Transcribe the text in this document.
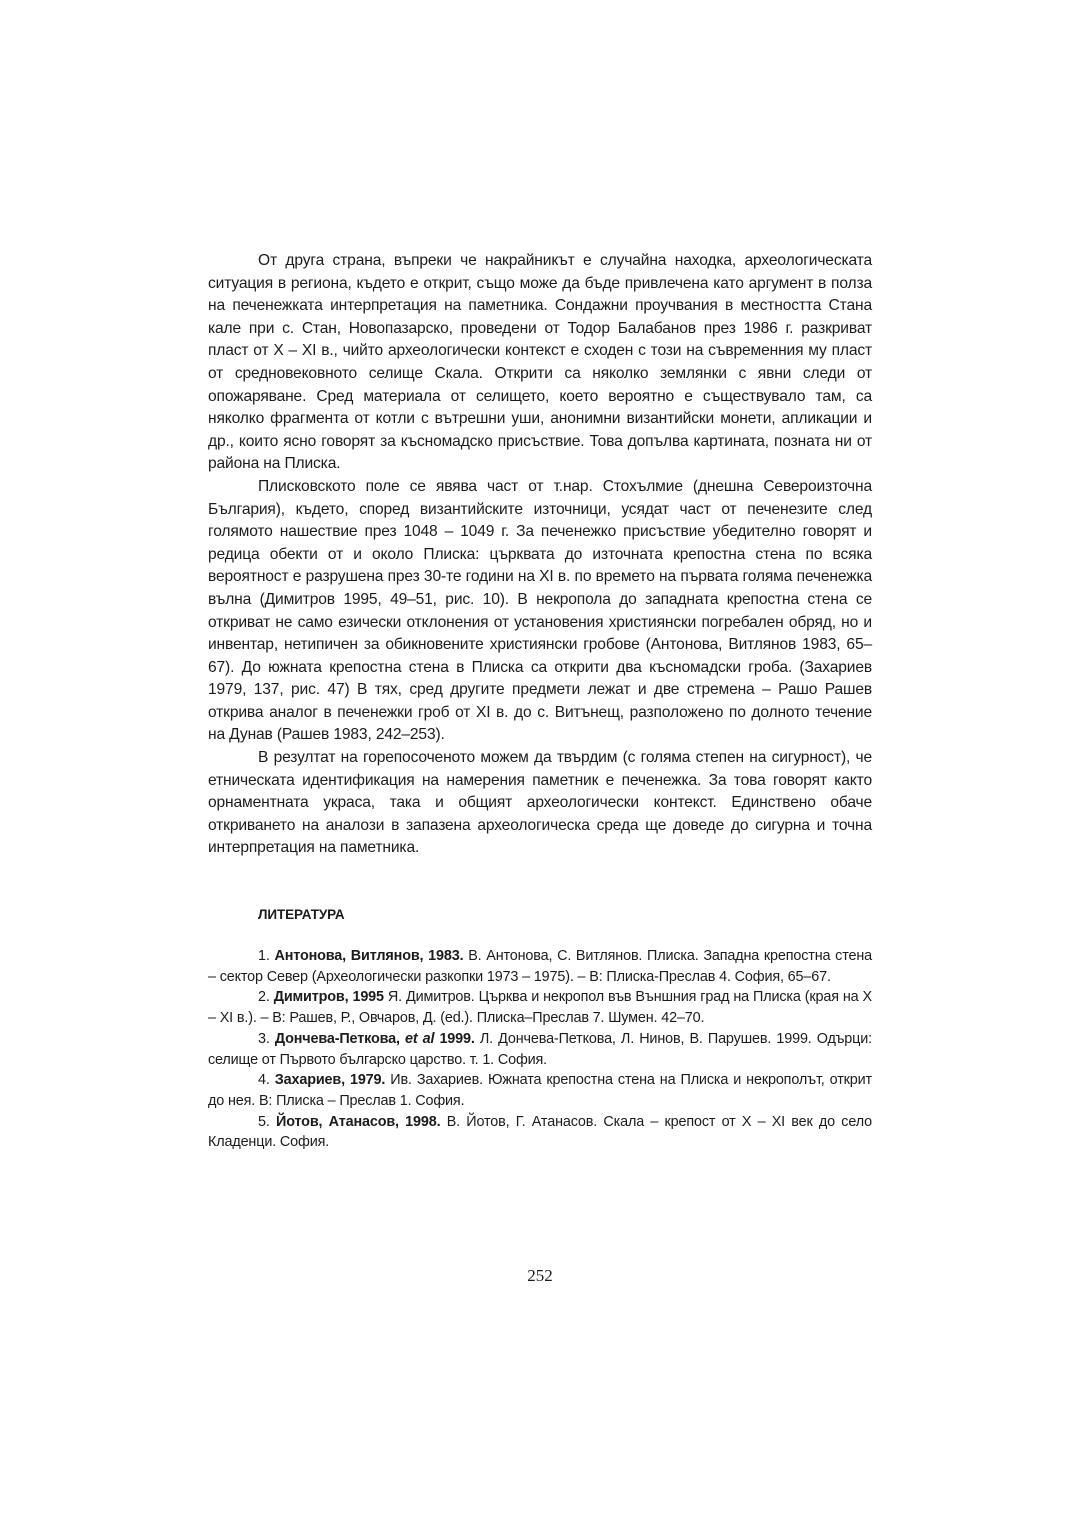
От друга страна, въпреки че накрайникът е случайна находка, археологическата ситуация в региона, където е открит, също може да бъде привлечена като аргумент в полза на печенежката интерпретация на паметника. Сондажни проучвания в местността Стана кале при с. Стан, Новопазарско, проведени от Тодор Балабанов през 1986 г. разкриват пласт от Х – ХI в., чийто археологически контекст е сходен с този на съвременния му пласт от средновековното селище Скала. Открити са няколко землянки с явни следи от опожаряване. Сред материала от селището, което вероятно е съществувало там, са няколко фрагмента от котли с вътрешни уши, анонимни византийски монети, апликации и др., които ясно говорят за късномадско присъствие. Това допълва картината, позната ни от района на Плиска.

Плисковското поле се явява част от т.нар. Стохълмие (днешна Североизточна България), където, според византийските източници, усядат част от печенезите след голямото нашествие през 1048 – 1049 г. За печенежко присъствие убедително говорят и редица обекти от и около Плиска: църквата до източната крепостна стена по всяка вероятност е разрушена през 30-те години на ХI в. по времето на първата голяма печенежка вълна (Димитров 1995, 49–51, рис. 10). В некропола до западната крепостна стена се откриват не само езически отклонения от установения християнски погребален обряд, но и инвентар, нетипичен за обикновените християнски гробове (Антонова, Витлянов 1983, 65–67). До южната крепостна стена в Плиска са открити два късномадски гроба. (Захариев 1979, 137, рис. 47) В тях, сред другите предмети лежат и две стремена – Рашо Рашев открива аналог в печенежки гроб от ХI в. до с. Витънещ, разположено по долното течение на Дунав (Рашев 1983, 242–253).

В резултат на горепосоченото можем да твърдим (с голяма степен на сигурност), че етническата идентификация на намерения паметник е печенежка. За това говорят както орнаментната украса, така и общият археологически контекст. Единствено обаче откриването на аналози в запазена археологическа среда ще доведе до сигурна и точна интерпретация на паметника.

ЛИТЕРАТУРА

1. Антонова, Витлянов, 1983. В. Антонова, С. Витлянов. Плиска. Западна крепостна стена – сектор Север (Археологически разкопки 1973 – 1975). – В: Плиска-Преслав 4. София, 65–67.

2. Димитров, 1995 Я. Димитров. Църква и некропол във Външния град на Плиска (края на Х – ХI в.). – В: Рашев, Р., Овчаров, Д. (ed.). Плиска–Преслав 7. Шумен. 42–70.

3. Дончева-Петкова, et al 1999. Л. Дончева-Петкова, Л. Нинов, В. Парушев. 1999. Одърци: селище от Първото българско царство. т. 1. София.

4. Захариев, 1979. Ив. Захариев. Южната крепостна стена на Плиска и некрополът, открит до нея. В: Плиска – Преслав 1. София.

5. Йотов, Атанасов, 1998. В. Йотов, Г. Атанасов. Скала – крепост от Х – ХI век до село Кладенци. София.

252
